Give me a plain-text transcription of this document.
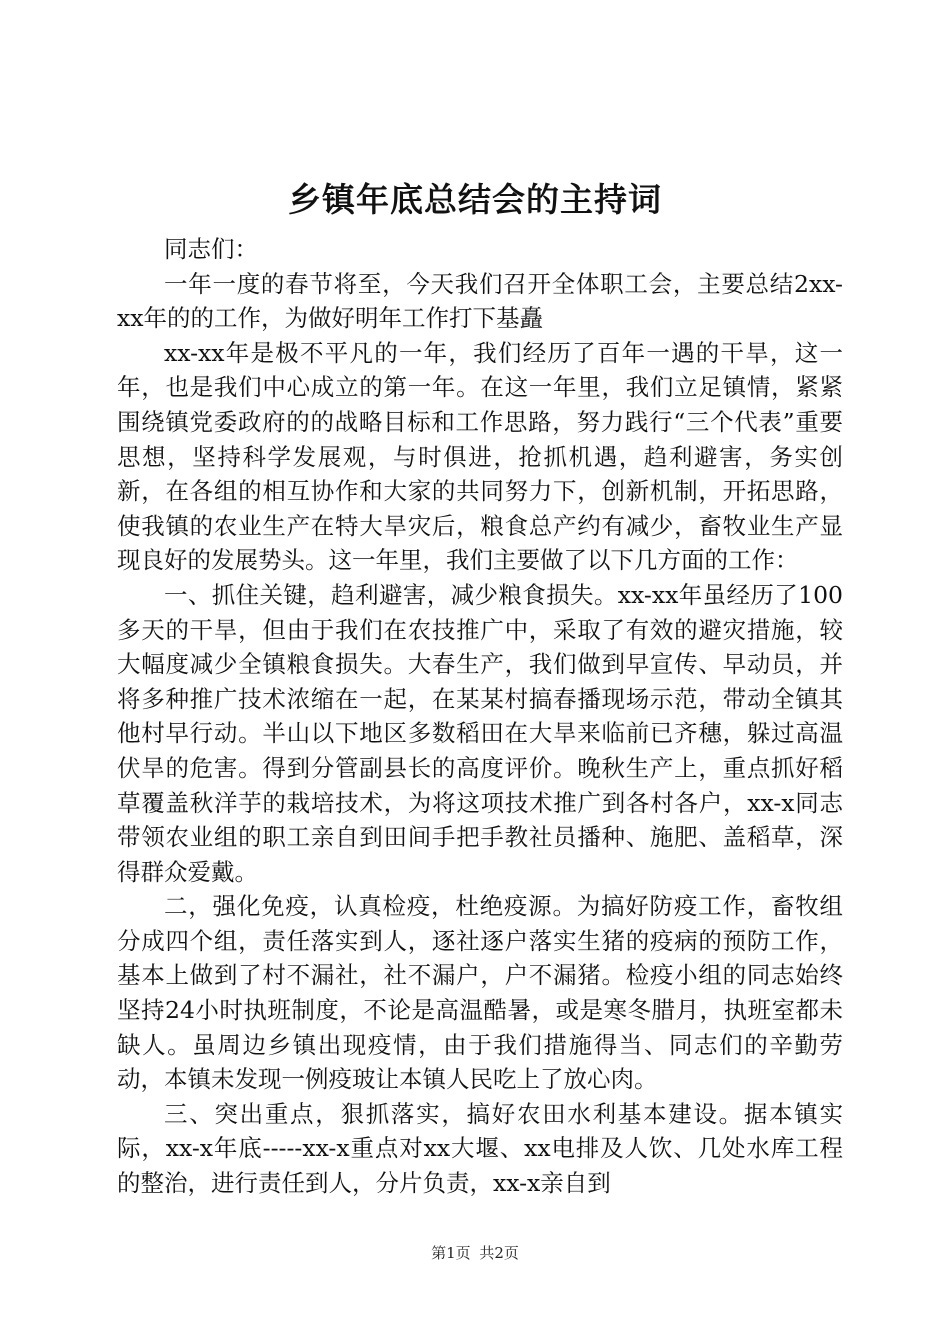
乡镇年底总结会的主持词

同志们：

一年一度的春节将至，今天我们召开全体职工会，主要总结2xx-xx年的的工作，为做好明年工作打下基矗

xx-xx年是极不平凡的一年，我们经历了百年一遇的干旱，这一年，也是我们中心成立的第一年。在这一年里，我们立足镇情，紧紧围绕镇党委政府的的战略目标和工作思路，努力践行“三个代表”重要思想，坚持科学发展观，与时俱进，抢抓机遇，趋利避害，务实创新，在各组的相互协作和大家的共同努力下，创新机制，开拓思路，使我镇的农业生产在特大旱灾后，粮食总产约有减少，畜牧业生产显现良好的发展势头。这一年里，我们主要做了以下几方面的工作：

一、抓住关键，趋利避害，减少粮食损失。xx-xx年虽经历了100多天的干旱，但由于我们在农技推广中，采取了有效的避灾措施，较大幅度减少全镇粮食损失。大春生产，我们做到早宣传、早动员，并将多种推广技术浓缩在一起，在某某村搞春播现场示范，带动全镇其他村早行动。半山以下地区多数稻田在大旱来临前已齐穗，躲过高温伏旱的危害。得到分管副县长的高度评价。晚秋生产上，重点抓好稻草覆盖秋洋芋的栽培技术，为将这项技术推广到各村各户，xx-x同志带领农业组的职工亲自到田间手把手教社员播种、施肥、盖稻草，深得群众爱戴。

二，强化免疫，认真检疫，杜绝疫源。为搞好防疫工作，畜牧组分成四个组，责任落实到人，逐社逐户落实生猪的疫病的预防工作，基本上做到了村不漏社，社不漏户，户不漏猪。检疫小组的同志始终坚持24小时执班制度，不论是高温酷暑，或是寒冬腊月，执班室都未缺人。虽周边乡镇出现疫情，由于我们措施得当、同志们的辛勤劳动，本镇未发现一例疫玻让本镇人民吃上了放心肉。

三、突出重点，狠抓落实，搞好农田水利基本建设。据本镇实际，xx-x年底-----xx-x重点对xx大堰、xx电排及人饮、几处水库工程的整治，进行责任到人，分片负责，xx-x亲自到

第1页 共2页
